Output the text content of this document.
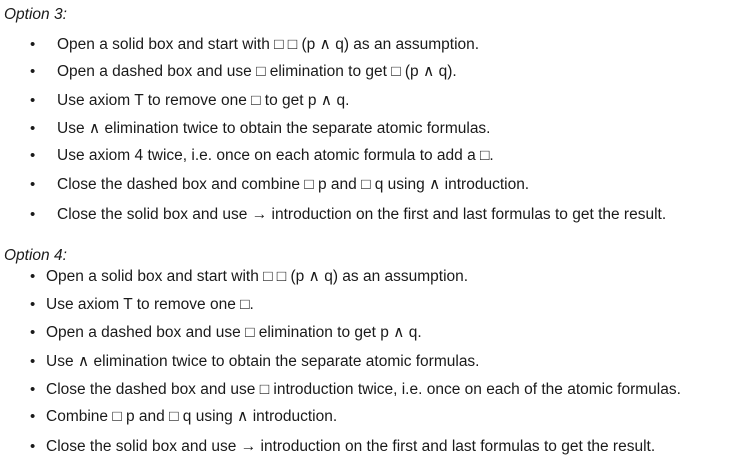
Option 3:
• Open a solid box and start with □ □ (p ∧ q) as an assumption.
• Open a dashed box and use □ elimination to get □ (p ∧ q).
• Use axiom T to remove one □ to get p ∧ q.
• Use ∧ elimination twice to obtain the separate atomic formulas.
• Use axiom 4 twice, i.e. once on each atomic formula to add a □.
• Close the dashed box and combine □ p and □ q using ∧ introduction.
• Close the solid box and use → introduction on the first and last formulas to get the result.
Option 4:
• Open a solid box and start with □ □ (p ∧ q) as an assumption.
• Use axiom T to remove one □.
• Open a dashed box and use □ elimination to get p ∧ q.
• Use ∧ elimination twice to obtain the separate atomic formulas.
• Close the dashed box and use □ introduction twice, i.e. once on each of the atomic formulas.
• Combine □ p and □ q using ∧ introduction.
• Close the solid box and use → introduction on the first and last formulas to get the result.
